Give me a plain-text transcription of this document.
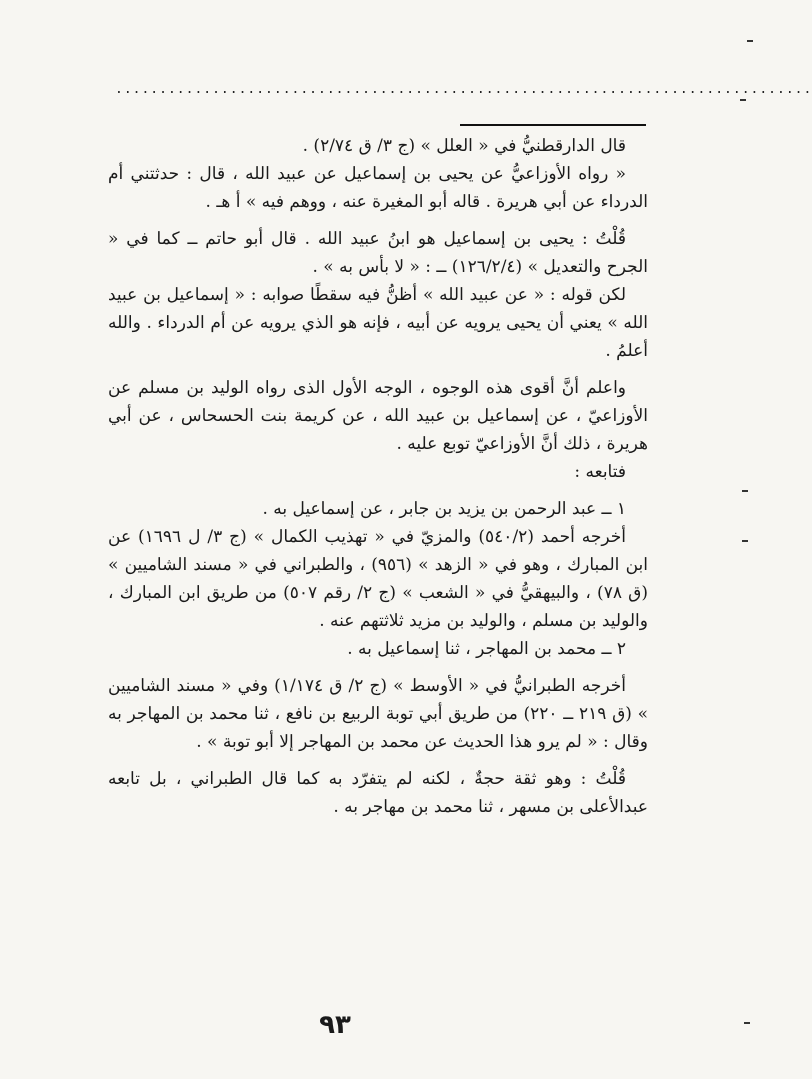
...............................................................................

قال الدارقطنيُّ في « العلل » (ج ٣/ ق ٢/٧٤) .

« رواه الأوزاعيُّ عن يحيى بن إسماعيل عن عبيد الله ، قال : حدثتني أم الدرداء عن أبي هريرة . قاله أبو المغيرة عنه ، ووهم فيه » أ هـ .

قُلْتُ : يحيى بن إسماعيل هو ابنُ عبيد الله . قال أبو حاتم ــ كما في « الجرح والتعديل » (١٢٦/٢/٤) ــ : « لا بأس به » .

لكن قوله : « عن عبيد الله » أظنُّ فيه سقطًا صوابه : « إسماعيل بن عبيد الله » يعني أن يحيى يرويه عن أبيه ، فإنه هو الذي يرويه عن أم الدرداء . والله أعلمُ .

واعلم أنَّ أقوى هذه الوجوه ، الوجه الأول الذى رواه الوليد بن مسلم عن الأوزاعيّ ، عن إسماعيل بن عبيد الله ، عن كريمة بنت الحسحاس ، عن أبي هريرة ، ذلك أنَّ الأوزاعيّ توبع عليه .

فتابعه :

١ ــ عبد الرحمن بن يزيد بن جابر ، عن إسماعيل به .

أخرجه أحمد (٥٤٠/٢) والمزيّ في « تهذيب الكمال » (ج ٣/ ل ١٦٩٦) عن ابن المبارك ، وهو في « الزهد » (٩٥٦) ، والطبراني في « مسند الشاميين » (ق ٧٨) ، والبيهقيُّ في « الشعب » (ج ٢/ رقم ٥٠٧) من طريق ابن المبارك ، والوليد بن مسلم ، والوليد بن مزيد ثلاثتهم عنه .

٢ ــ محمد بن المهاجر ، ثنا إسماعيل به .

أخرجه الطبرانيُّ في « الأوسط » (ج ٢/ ق ١/١٧٤) وفي « مسند الشاميين » (ق ٢١٩ ــ ٢٢٠) من طريق أبي توبة الربيع بن نافع ، ثنا محمد بن المهاجر به وقال : « لم يرو هذا الحديث عن محمد بن المهاجر إلا أبو توبة » .

قُلْتُ : وهو ثقة حجةٌ ، لكنه لم يتفرّد به كما قال الطبراني ، بل تابعه عبدالأعلى بن مسهر ، ثنا محمد بن مهاجر به .

٩٣
